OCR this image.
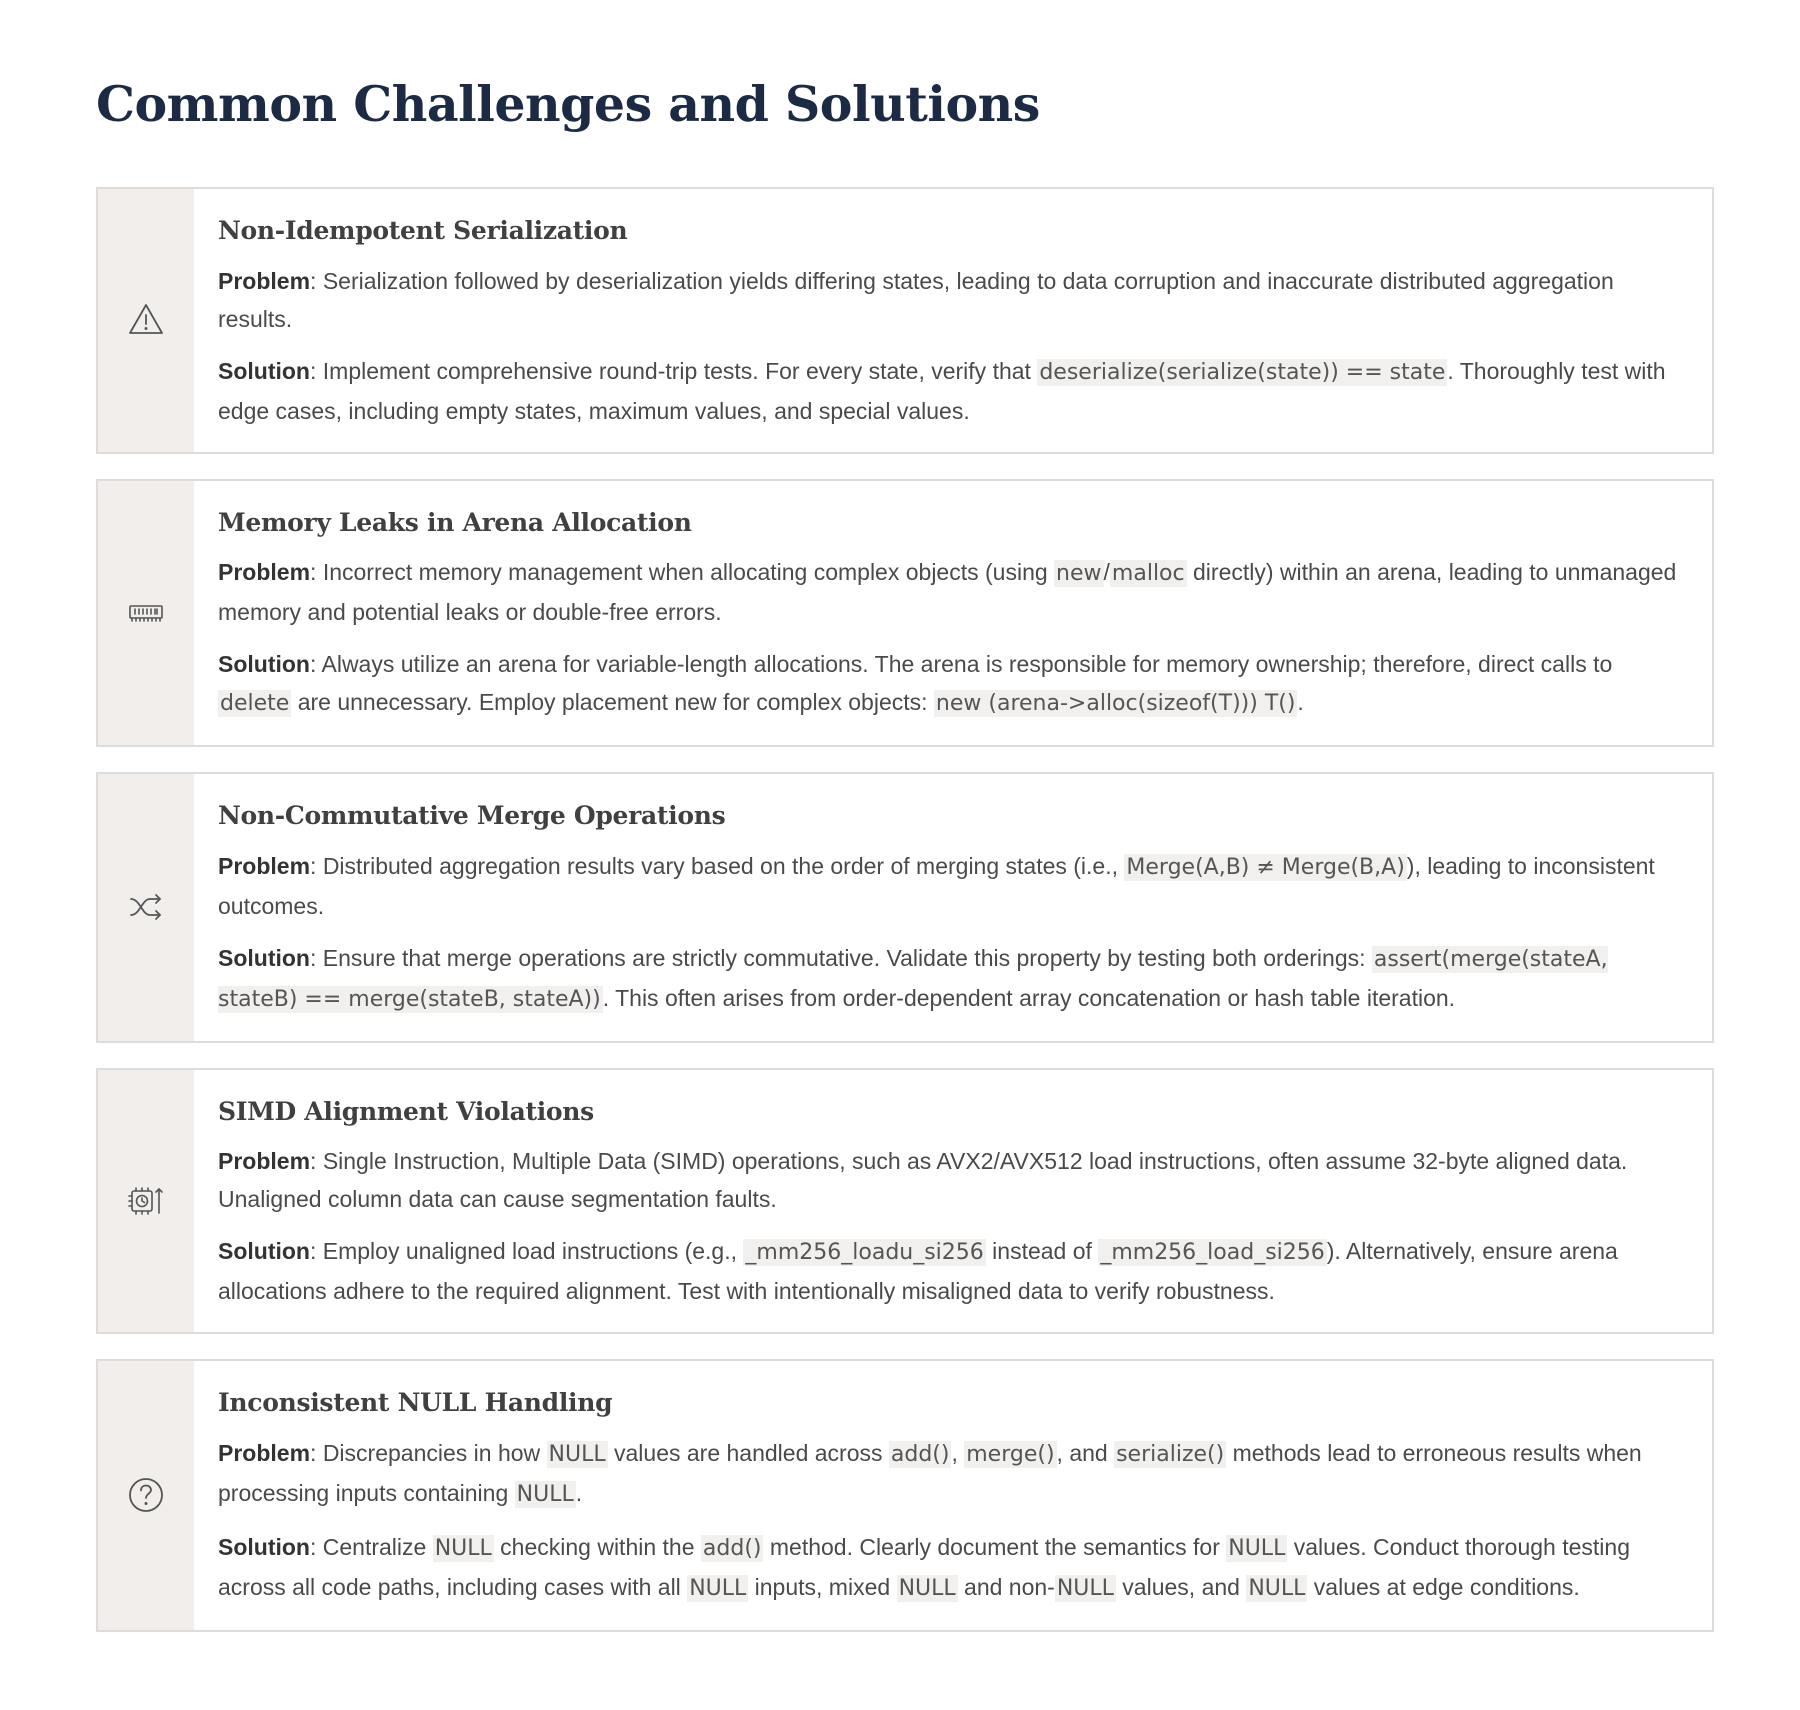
Common Challenges and Solutions
Non-Idempotent Serialization

Problem: Serialization followed by deserialization yields differing states, leading to data corruption and inaccurate distributed aggregation results.

Solution: Implement comprehensive round-trip tests. For every state, verify that deserialize(serialize(state)) == state. Thoroughly test with edge cases, including empty states, maximum values, and special values.

Memory Leaks in Arena Allocation

Problem: Incorrect memory management when allocating complex objects (using new/malloc directly) within an arena, leading to unmanaged memory and potential leaks or double-free errors.

Solution: Always utilize an arena for variable-length allocations. The arena is responsible for memory ownership; therefore, direct calls to delete are unnecessary. Employ placement new for complex objects: new (arena->alloc(sizeof(T))) T().

Non-Commutative Merge Operations

Problem: Distributed aggregation results vary based on the order of merging states (i.e., Merge(A,B) ≠ Merge(B,A)), leading to inconsistent outcomes.

Solution: Ensure that merge operations are strictly commutative. Validate this property by testing both orderings: assert(merge(stateA, stateB) == merge(stateB, stateA)). This often arises from order-dependent array concatenation or hash table iteration.

SIMD Alignment Violations

Problem: Single Instruction, Multiple Data (SIMD) operations, such as AVX2/AVX512 load instructions, often assume 32-byte aligned data. Unaligned column data can cause segmentation faults.

Solution: Employ unaligned load instructions (e.g., _mm256_loadu_si256 instead of _mm256_load_si256). Alternatively, ensure arena allocations adhere to the required alignment. Test with intentionally misaligned data to verify robustness.

Inconsistent NULL Handling

Problem: Discrepancies in how NULL values are handled across add(), merge(), and serialize() methods lead to erroneous results when processing inputs containing NULL.

Solution: Centralize NULL checking within the add() method. Clearly document the semantics for NULL values. Conduct thorough testing across all code paths, including cases with all NULL inputs, mixed NULL and non-NULL values, and NULL values at edge conditions.
